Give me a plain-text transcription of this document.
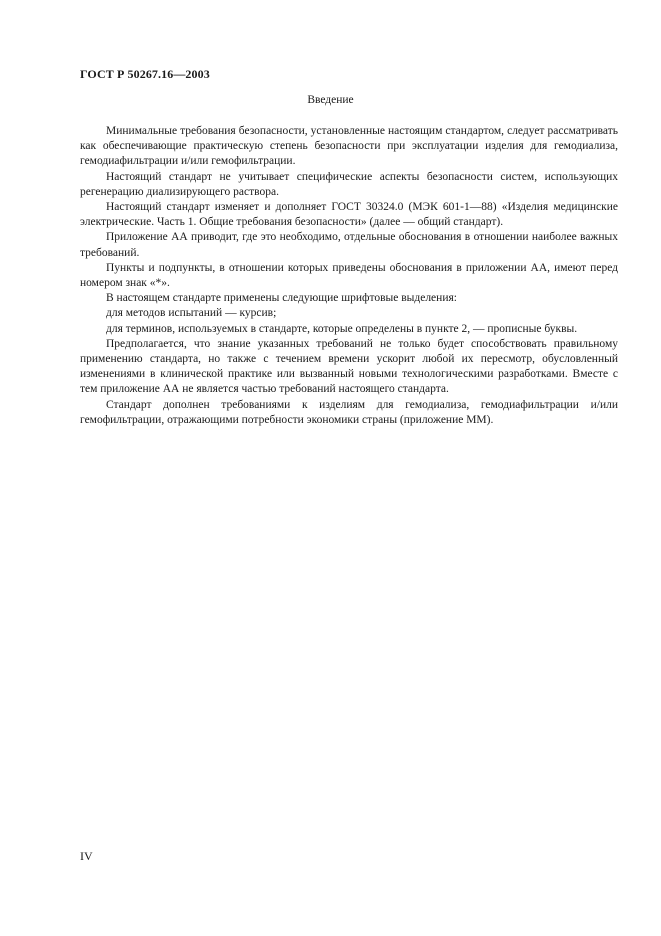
ГОСТ Р 50267.16—2003
Введение

Минимальные требования безопасности, установленные настоящим стандартом, следует рассматривать как обеспечивающие практическую степень безопасности при эксплуатации изделия для гемодиализа, гемодиафильтрации и/или гемофильтрации.

Настоящий стандарт не учитывает специфические аспекты безопасности систем, использующих регенерацию диализирующего раствора.

Настоящий стандарт изменяет и дополняет ГОСТ 30324.0 (МЭК 601-1—88) «Изделия медицинские электрические. Часть 1. Общие требования безопасности» (далее — общий стандарт).

Приложение АА приводит, где это необходимо, отдельные обоснования в отношении наиболее важных требований.

Пункты и подпункты, в отношении которых приведены обоснования в приложении АА, имеют перед номером знак «*».

В настоящем стандарте применены следующие шрифтовые выделения:

для методов испытаний — курсив;

для терминов, используемых в стандарте, которые определены в пункте 2, — прописные буквы.

Предполагается, что знание указанных требований не только будет способствовать правильному применению стандарта, но также с течением времени ускорит любой их пересмотр, обусловленный изменениями в клинической практике или вызванный новыми технологическими разработками. Вместе с тем приложение АА не является частью требований настоящего стандарта.

Стандарт дополнен требованиями к изделиям для гемодиализа, гемодиафильтрации и/или гемофильтрации, отражающими потребности экономики страны (приложение ММ).

IV
